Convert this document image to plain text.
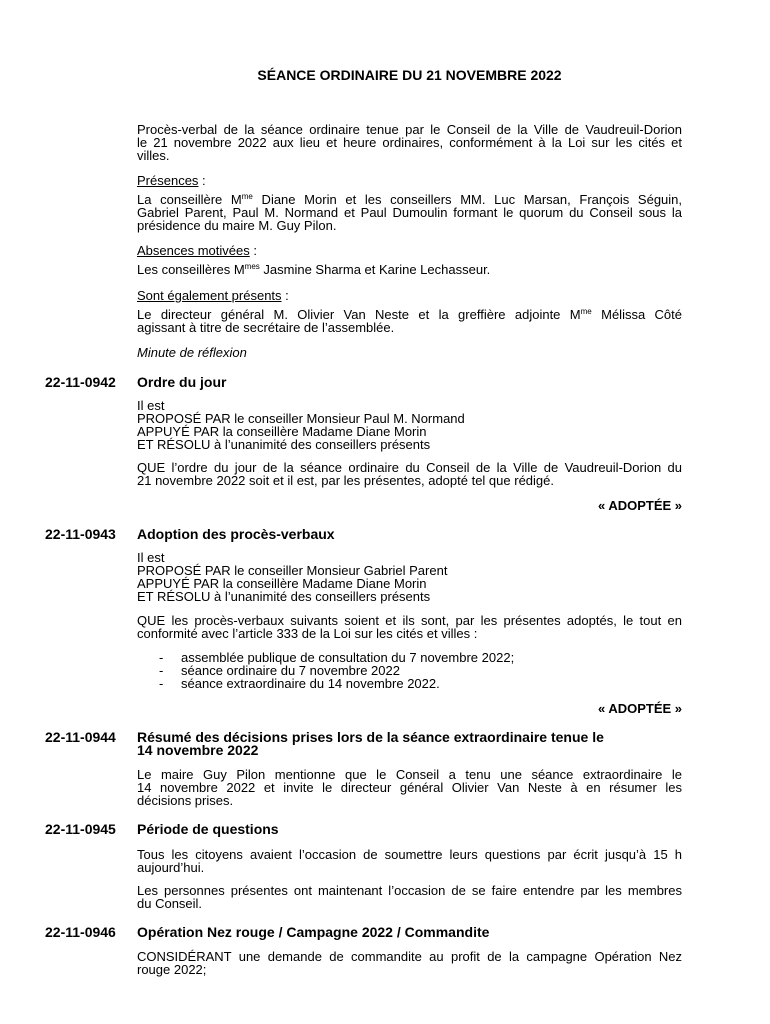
SÉANCE ORDINAIRE DU 21 NOVEMBRE 2022
Procès-verbal de la séance ordinaire tenue par le Conseil de la Ville de Vaudreuil-Dorion
le 21 novembre 2022 aux lieu et heure ordinaires, conformément à la Loi sur les cités et
villes.
Présences :
La conseillère $M^{me}$ Diane Morin et les conseillers MM. Luc Marsan, François Séguin,
Gabriel Parent, Paul M. Normand et Paul Dumoulin formant le quorum du Conseil sous la
présidence du maire M. Guy Pilon.
Absences motivées :
Les conseillères $M^{mes}$ Jasmine Sharma et Karine Lechasseur.
Sont également présents :
Le directeur général M. Olivier Van Neste et la greffière adjointe $M^{me}$ Mélissa Côté
agissant à titre de secrétaire de l’assemblée.
Minute de réflexion
22-11-0942 Ordre du jour
Il est
PROPOSÉ PAR le conseiller Monsieur Paul M. Normand
APPUYÉ PAR la conseillère Madame Diane Morin
ET RÉSOLU à l’unanimité des conseillers présents
QUE l’ordre du jour de la séance ordinaire du Conseil de la Ville de Vaudreuil-Dorion du
21 novembre 2022 soit et il est, par les présentes, adopté tel que rédigé.
« ADOPTÉE »
22-11-0943 Adoption des procès-verbaux
Il est
PROPOSÉ PAR le conseiller Monsieur Gabriel Parent
APPUYÉ PAR la conseillère Madame Diane Morin
ET RÉSOLU à l’unanimité des conseillers présents
QUE les procès-verbaux suivants soient et ils sont, par les présentes adoptés, le tout en
conformité avec l’article 333 de la Loi sur les cités et villes :
- assemblée publique de consultation du 7 novembre 2022;
- séance ordinaire du 7 novembre 2022
- séance extraordinaire du 14 novembre 2022.
« ADOPTÉE »
22-11-0944 Résumé des décisions prises lors de la séance extraordinaire tenue le
14 novembre 2022
Le maire Guy Pilon mentionne que le Conseil a tenu une séance extraordinaire le
14 novembre 2022 et invite le directeur général Olivier Van Neste à en résumer les
décisions prises.
22-11-0945 Période de questions
Tous les citoyens avaient l’occasion de soumettre leurs questions par écrit jusqu’à 15 h
aujourd’hui.
Les personnes présentes ont maintenant l’occasion de se faire entendre par les membres
du Conseil.
22-11-0946 Opération Nez rouge / Campagne 2022 / Commandite
CONSIDÉRANT une demande de commandite au profit de la campagne Opération Nez
rouge 2022;
